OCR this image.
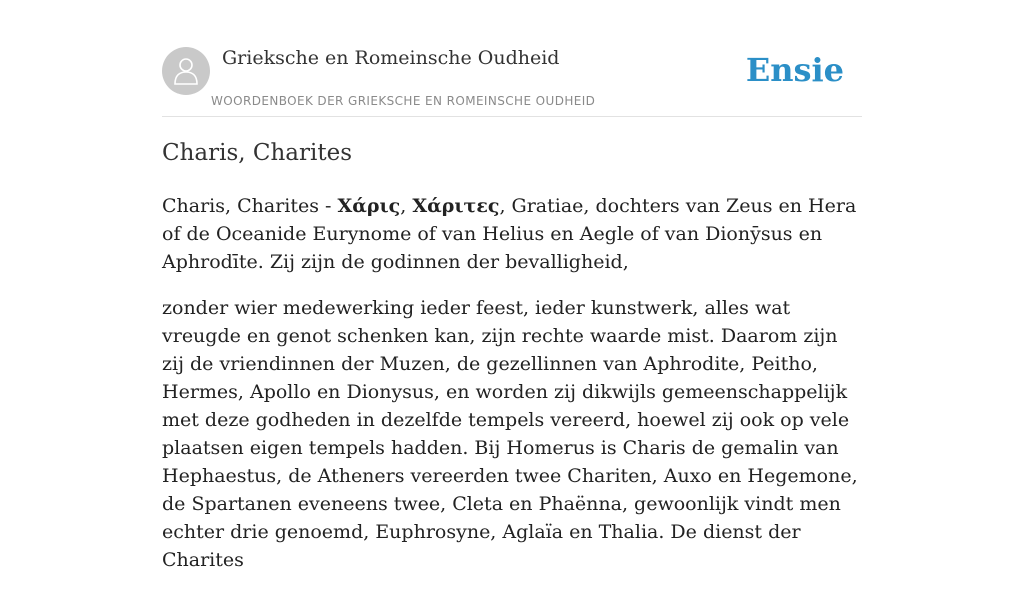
Grieksche en Romeinsche Oudheid
WOORDENBOEK DER GRIEKSCHE EN ROMEINSCHE OUDHEID
Ensie
Charis, Charites

Charis, Charites - Χάρις, Χάριτες, Gratiae, dochters van Zeus en Hera of de Oceanide Eurynome of van Helius en Aegle of van Dionȳsus en Aphrodīte. Zij zijn de godinnen der bevalligheid,

zonder wier medewerking ieder feest, ieder kunstwerk, alles wat vreugde en genot schenken kan, zijn rechte waarde mist. Daarom zijn zij de vriendinnen der Muzen, de gezellinnen van Aphrodite, Peitho, Hermes, Apollo en Dionysus, en worden zij dikwijls gemeenschappelijk met deze godheden in dezelfde tempels vereerd, hoewel zij ook op vele plaatsen eigen tempels hadden. Bij Homerus is Charis de gemalin van Hephaestus, de Atheners vereerden twee Chariten, Auxo en Hegemone, de Spartanen eveneens twee, Cleta en Phaënna, gewoonlijk vindt men echter drie genoemd, Euphrosyne, Aglaïa en Thalia. De dienst der Charites
